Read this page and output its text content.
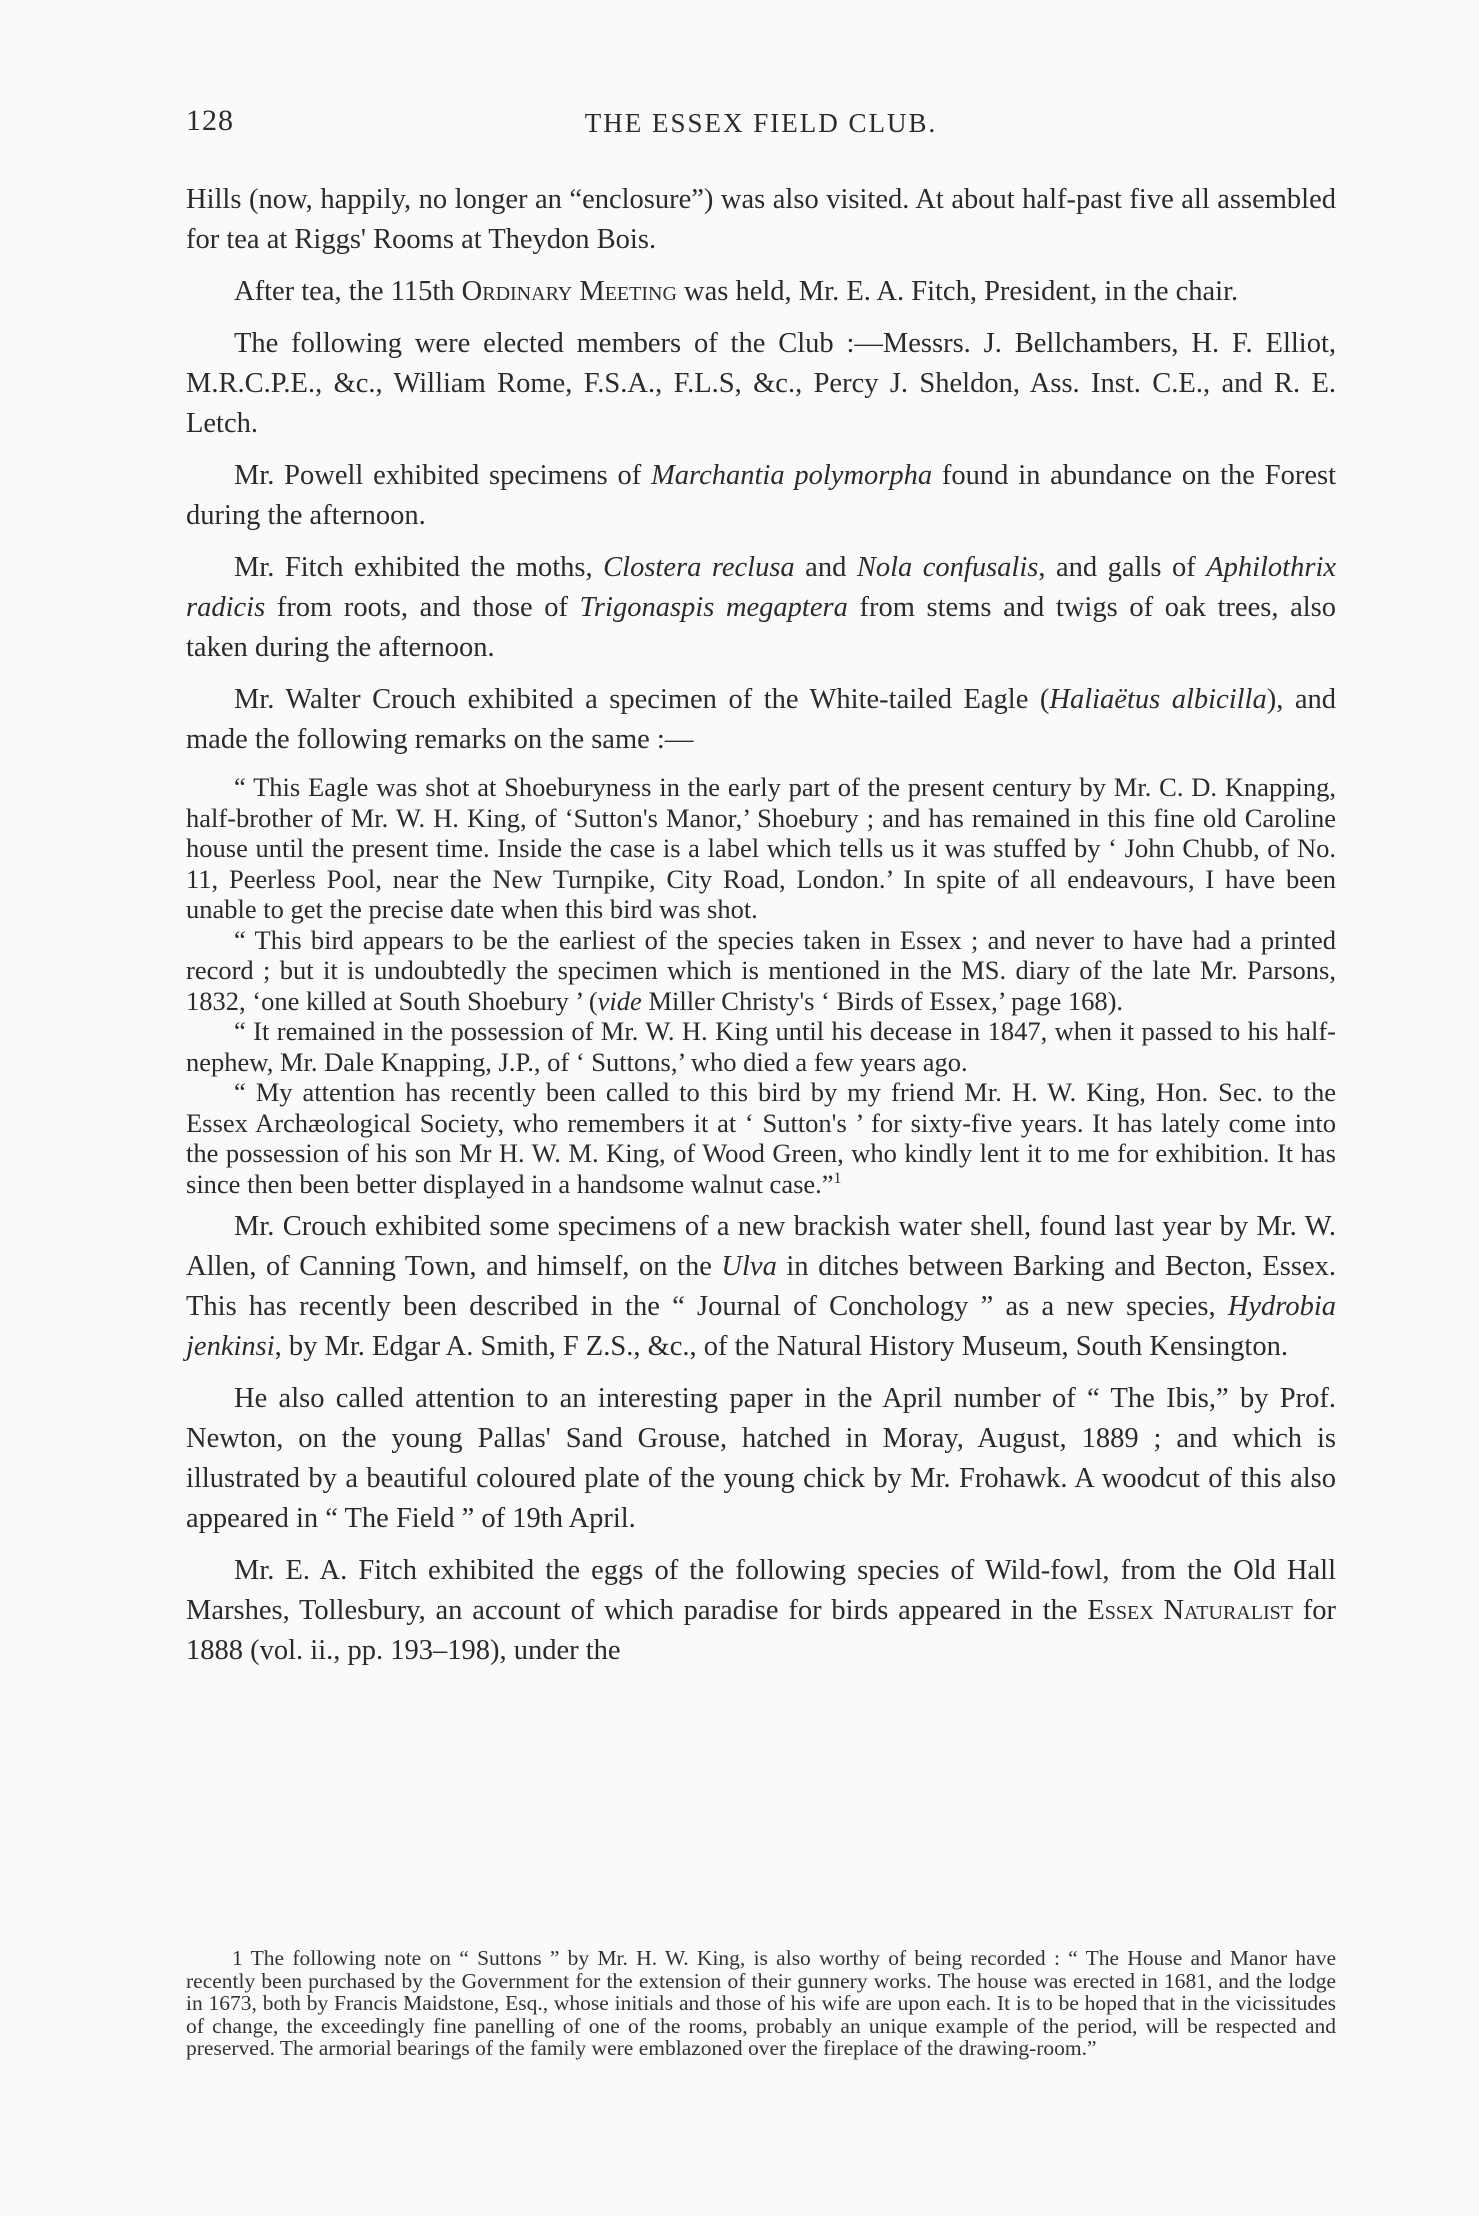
128	THE ESSEX FIELD CLUB.

Hills (now, happily, no longer an “enclosure”) was also visited. At about half-past five all assembled for tea at Riggs' Rooms at Theydon Bois.

After tea, the 115th Ordinary Meeting was held, Mr. E. A. Fitch, President, in the chair.

The following were elected members of the Club :—Messrs. J. Bellchambers, H. F. Elliot, M.R.C.P.E., &c., William Rome, F.S.A., F.L.S, &c., Percy J. Sheldon, Ass. Inst. C.E., and R. E. Letch.

Mr. Powell exhibited specimens of Marchantia polymorpha found in abundance on the Forest during the afternoon.

Mr. Fitch exhibited the moths, Clostera reclusa and Nola confusalis, and galls of Aphilothrix radicis from roots, and those of Trigonaspis megaptera from stems and twigs of oak trees, also taken during the afternoon.

Mr. Walter Crouch exhibited a specimen of the White-tailed Eagle (Haliaëtus albicilla), and made the following remarks on the same :—

“ This Eagle was shot at Shoeburyness in the early part of the present century by Mr. C. D. Knapping, half-brother of Mr. W. H. King, of ‘Sutton's Manor,’ Shoebury ; and has remained in this fine old Caroline house until the present time. Inside the case is a label which tells us it was stuffed by ‘ John Chubb, of No. 11, Peerless Pool, near the New Turnpike, City Road, London.’ In spite of all endeavours, I have been unable to get the precise date when this bird was shot.

“ This bird appears to be the earliest of the species taken in Essex ; and never to have had a printed record ; but it is undoubtedly the specimen which is mentioned in the MS. diary of the late Mr. Parsons, 1832, ‘one killed at South Shoebury ’ (vide Miller Christy's ‘ Birds of Essex,’ page 168).

“ It remained in the possession of Mr. W. H. King until his decease in 1847, when it passed to his half-nephew, Mr. Dale Knapping, J.P., of ‘ Suttons,’ who died a few years ago.

“ My attention has recently been called to this bird by my friend Mr. H. W. King, Hon. Sec. to the Essex Archæological Society, who remembers it at ‘ Sutton's ’ for sixty-five years. It has lately come into the possession of his son Mr H. W. M. King, of Wood Green, who kindly lent it to me for exhibition. It has since then been better displayed in a handsome walnut case.”$^1$

Mr. Crouch exhibited some specimens of a new brackish water shell, found last year by Mr. W. Allen, of Canning Town, and himself, on the Ulva in ditches between Barking and Becton, Essex. This has recently been described in the “ Journal of Conchology ” as a new species, Hydrobia jenkinsi, by Mr. Edgar A. Smith, F Z.S., &c., of the Natural History Museum, South Kensington.

He also called attention to an interesting paper in the April number of “ The Ibis,” by Prof. Newton, on the young Pallas' Sand Grouse, hatched in Moray, August, 1889 ; and which is illustrated by a beautiful coloured plate of the young chick by Mr. Frohawk. A woodcut of this also appeared in “ The Field ” of 19th April.

Mr. E. A. Fitch exhibited the eggs of the following species of Wild-fowl, from the Old Hall Marshes, Tollesbury, an account of which paradise for birds appeared in the Essex Naturalist for 1888 (vol. ii., pp. 193–198), under the

1 The following note on “ Suttons ” by Mr. H. W. King, is also worthy of being recorded : “ The House and Manor have recently been purchased by the Government for the extension of their gunnery works. The house was erected in 1681, and the lodge in 1673, both by Francis Maidstone, Esq., whose initials and those of his wife are upon each. It is to be hoped that in the vicissitudes of change, the exceedingly fine panelling of one of the rooms, probably an unique example of the period, will be respected and preserved. The armorial bearings of the family were emblazoned over the fireplace of the drawing-room.”
